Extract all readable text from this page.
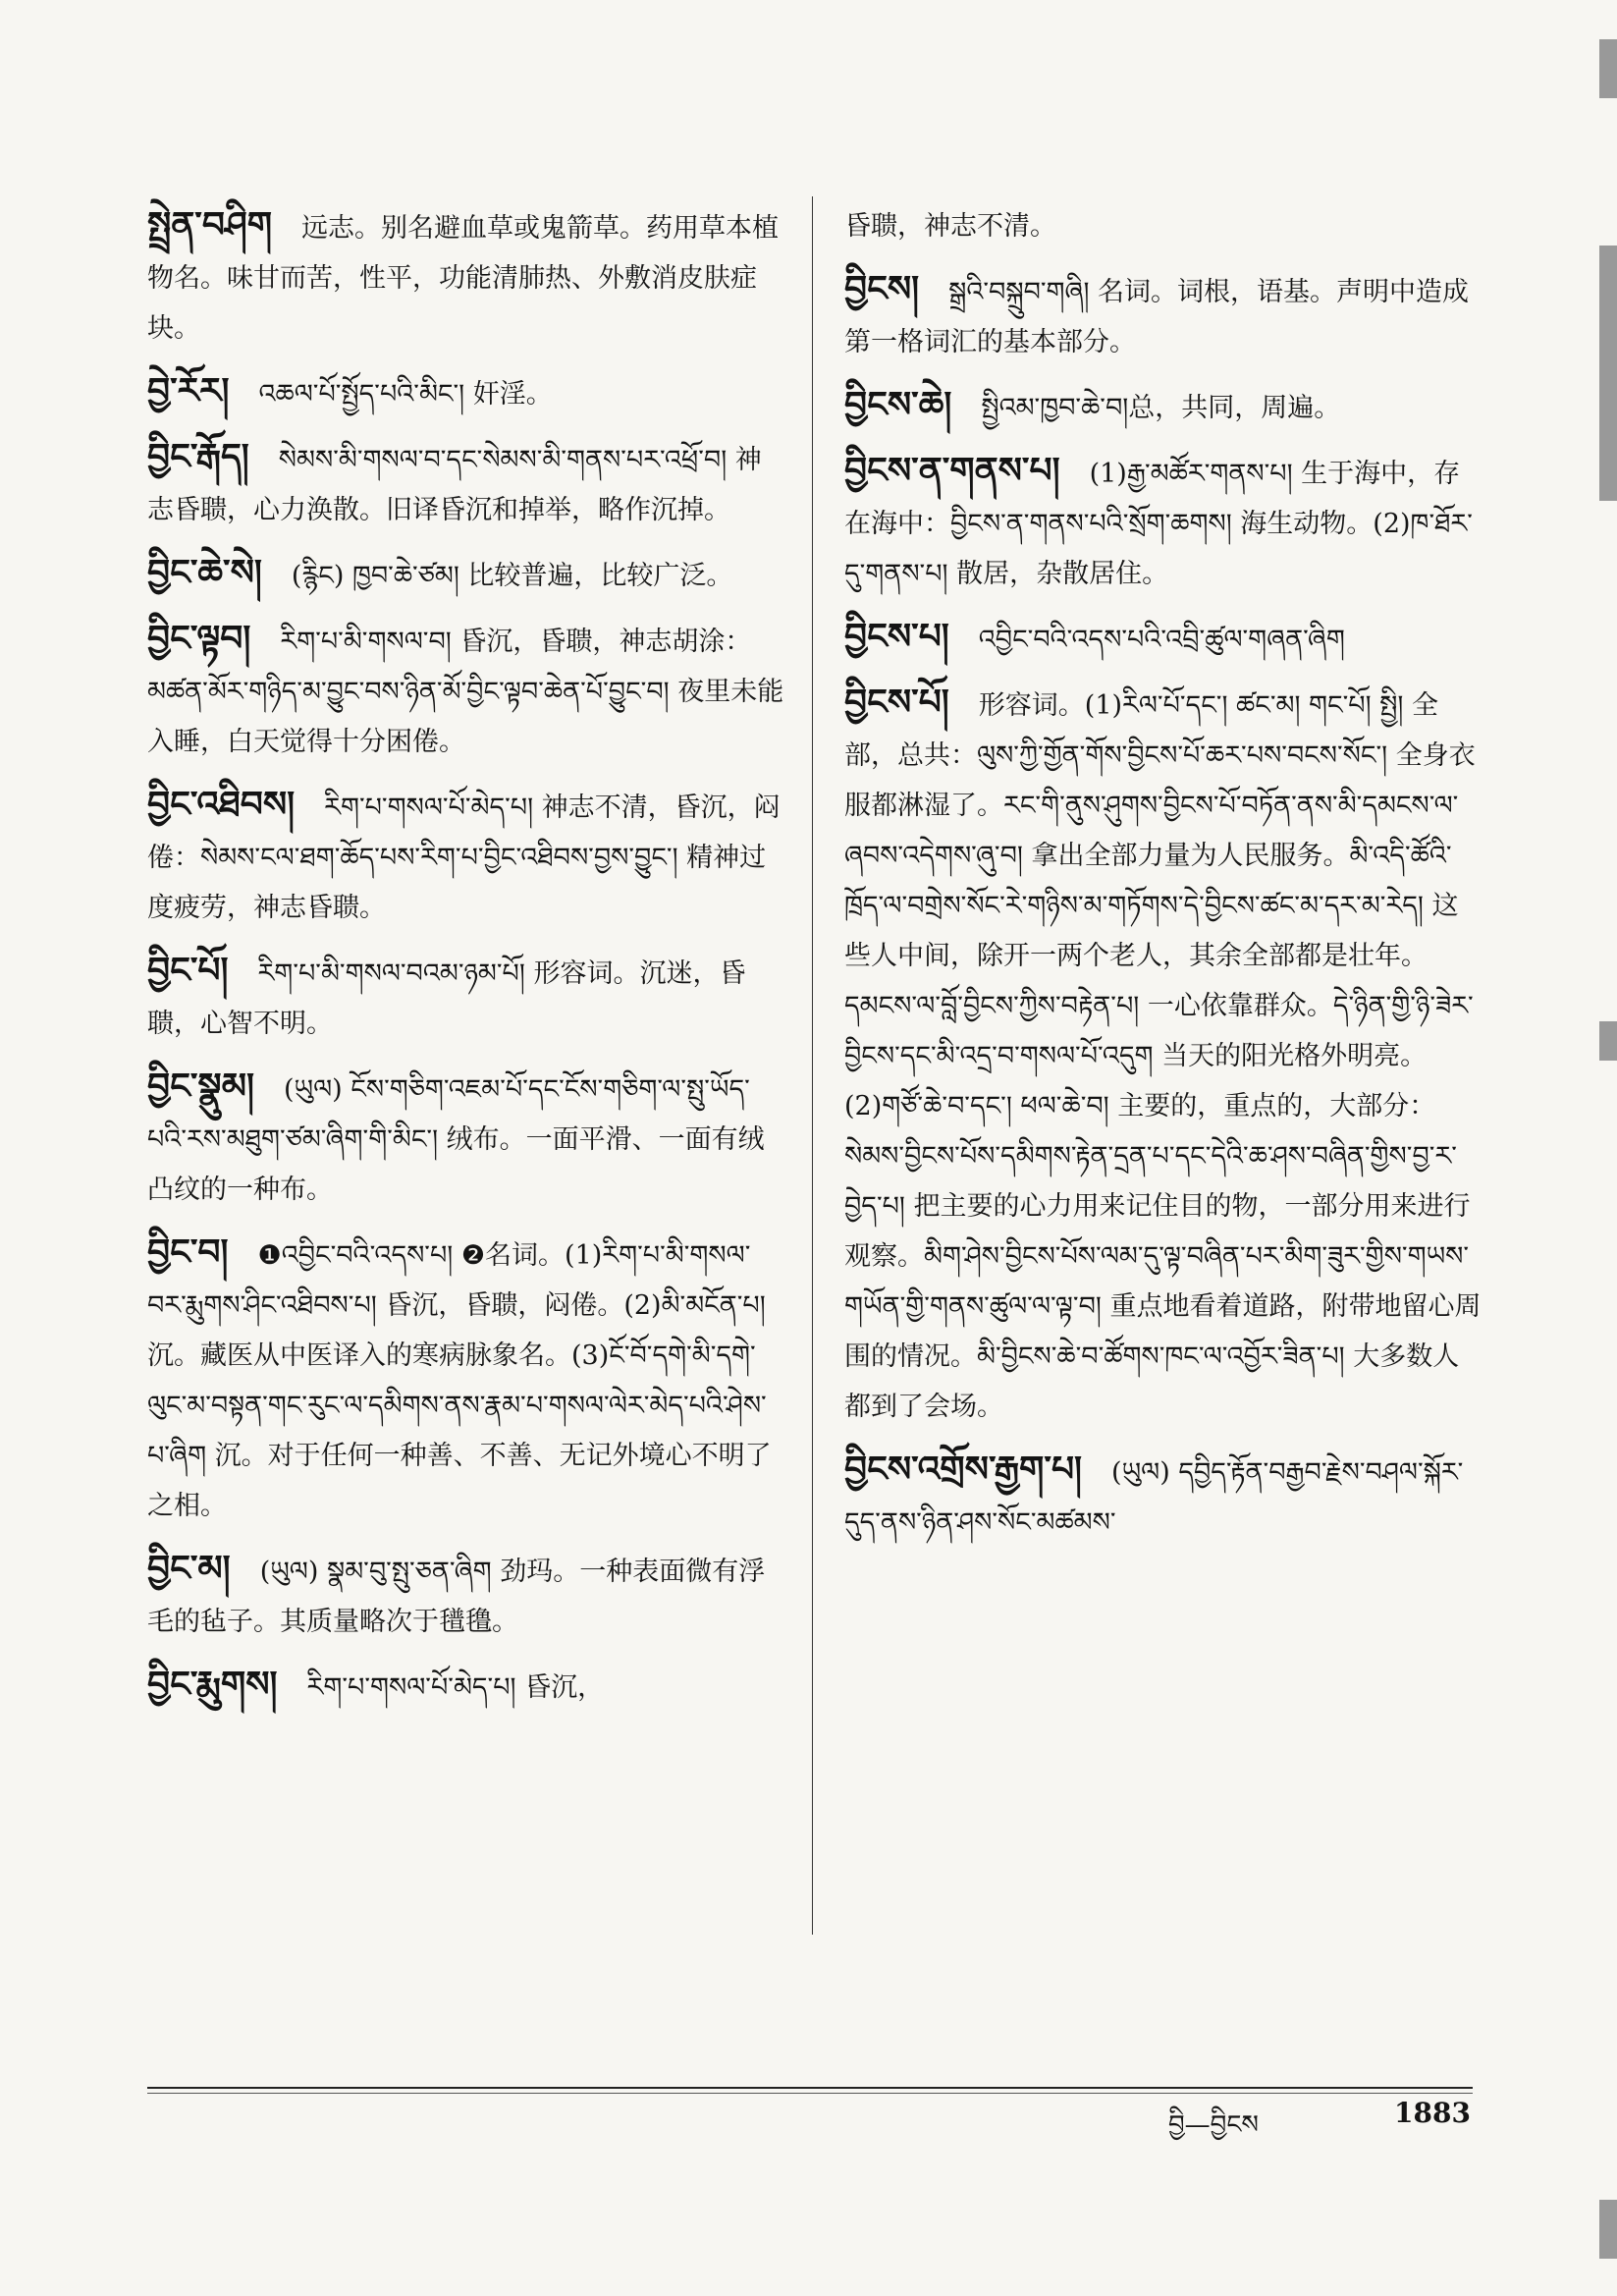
སྤྲེན་བཤིག 远志。别名避血草或鬼箭草。药用草本植物名。味甘而苦，性平，功能清肺热、外敷消皮肤症块。
བྱེ་རོར། འཆལ་པོ་སྤྱོད་པའི་མིང་། 奸淫。
བྱིང་རྒོད། སེམས་མི་གསལ་བ་དང་སེམས་མི་གནས་པར་འཕྲོ་བ། 神志昏聩，心力涣散。旧译昏沉和掉举，略作沉掉。
བྱིང་ཆེ་སེ། (རྙིང) ཁྱབ་ཆེ་ཙམ། 比较普遍，比较广泛。
བྱིང་ལྟབ། རིག་པ་མི་གསལ་བ། 昏沉，昏聩，神志胡涂：མཚན་མོར་གཉིད་མ་བྱུང་བས་ཉིན་མོ་བྱིང་ལྟབ་ཆེན་པོ་བྱུང་བ། 夜里未能入睡，白天觉得十分困倦。
བྱིང་འཐིབས། རིག་པ་གསལ་པོ་མེད་པ། 神志不清，昏沉，闷倦：སེམས་ངལ་ཐག་ཆོད་པས་རིག་པ་བྱིང་འཐིབས་བྱས་བྱུང་། 精神过度疲劳，神志昏聩。
བྱིང་པོ། རིག་པ་མི་གསལ་བའམ་ཉམ་པོ། 形容词。沉迷，昏聩，心智不明。
བྱིང་སྣུམ། (ཡུལ) ངོས་གཅིག་འཇམ་པོ་དང་ངོས་གཅིག་ལ་སྤུ་ཡོད་པའི་རས་མཐུག་ཙམ་ཞིག་གི་མིང་། 绒布。一面平滑、一面有绒凸纹的一种布。
བྱིང་བ། ❶འབྱིང་བའི་འདས་པ། ❷名词。(1)རིག་པ་མི་གསལ་བར་རྨུགས་ཤིང་འཐིབས་པ། 昏沉，昏聩，闷倦。(2)མི་མངོན་པ། 沉。藏医从中医译入的寒病脉象名。(3)ངོ་བོ་དགེ་མི་དགེ་ལུང་མ་བསྟན་གང་རུང་ལ་དམིགས་ནས་རྣམ་པ་གསལ་ལེར་མེད་པའི་ཤེས་པ་ཞིག 沉。对于任何一种善、不善、无记外境心不明了之相。
བྱིང་མ། (ཡུལ) སྣམ་བུ་སྤུ་ཅན་ཞིག 劲玛。一种表面微有浮毛的毡子。其质量略次于氆氇。
བྱིང་རྨུགས། རིག་པ་གསལ་པོ་མེད་པ། 昏沉，
昏聩，神志不清。
བྱིངས། སྒྲའི་བསྐྲུབ་གཞི། 名词。词根，语基。声明中造成第一格词汇的基本部分。
བྱིངས་ཆེ། སྤྱིའམ་ཁྱབ་ཆེ་བ།总，共同，周遍。
བྱིངས་ན་གནས་པ། (1)རྒྱ་མཚོར་གནས་པ། 生于海中，存在海中：བྱིངས་ན་གནས་པའི་སྲོག་ཆགས། 海生动物。(2)ཁ་ཐོར་དུ་གནས་པ། 散居，杂散居住。
བྱིངས་པ། འབྱིང་བའི་འདས་པའི་འབྲི་ཚུལ་གཞན་ཞིག
བྱིངས་པོ། 形容词。(1)རིལ་པོ་དང་། ཚང་མ། གང་པོ། སྤྱི། 全部，总共：ལུས་ཀྱི་གྱོན་གོས་བྱིངས་པོ་ཆར་པས་བངས་སོང་། 全身衣服都淋湿了。རང་གི་ནུས་ཤུགས་བྱིངས་པོ་བཏོན་ནས་མི་དམངས་ལ་ཞབས་འདེགས་ཞུ་བ། 拿出全部力量为人民服务。མི་འདི་ཚོའི་ཁྲོད་ལ་བགྲེས་སོང་རེ་གཉིས་མ་གཏོགས་དེ་བྱིངས་ཚང་མ་དར་མ་རེད། 这些人中间，除开一两个老人，其余全部都是壮年。དམངས་ལ་བློ་བྱིངས་ཀྱིས་བརྟེན་པ། 一心依靠群众。དེ་ཉིན་གྱི་ཉི་ཟེར་བྱིངས་དང་མི་འདྲ་བ་གསལ་པོ་འདུག 当天的阳光格外明亮。(2)གཙོ་ཆེ་བ་དང་། ཕལ་ཆེ་བ། 主要的，重点的，大部分：སེམས་བྱིངས་པོས་དམིགས་རྟེན་དྲན་པ་དང་དེའི་ཆ་ཤས་བཞིན་གྱིས་བྱ་ར་བྱེད་པ། 把主要的心力用来记住目的物，一部分用来进行观察。མིག་ཤེས་བྱིངས་པོས་ལམ་དུ་ལྟ་བཞིན་པར་མིག་ཟུར་གྱིས་གཡས་གཡོན་གྱི་གནས་ཚུལ་ལ་ལྟ་བ། 重点地看着道路，附带地留心周围的情况。མི་བྱིངས་ཆེ་བ་ཚོགས་ཁང་ལ་འབྱོར་ཟིན་པ། 大多数人都到了会场。
བྱིངས་འགྲོས་རྒྱག་པ། (ཡུལ) དབྱིད་རྟོན་བརྒྱབ་རྗེས་བཤལ་སྐོར་དུད་ནས་ཉིན་ཤས་སོང་མཚམས་
བྱི—བྱིངས	1883
